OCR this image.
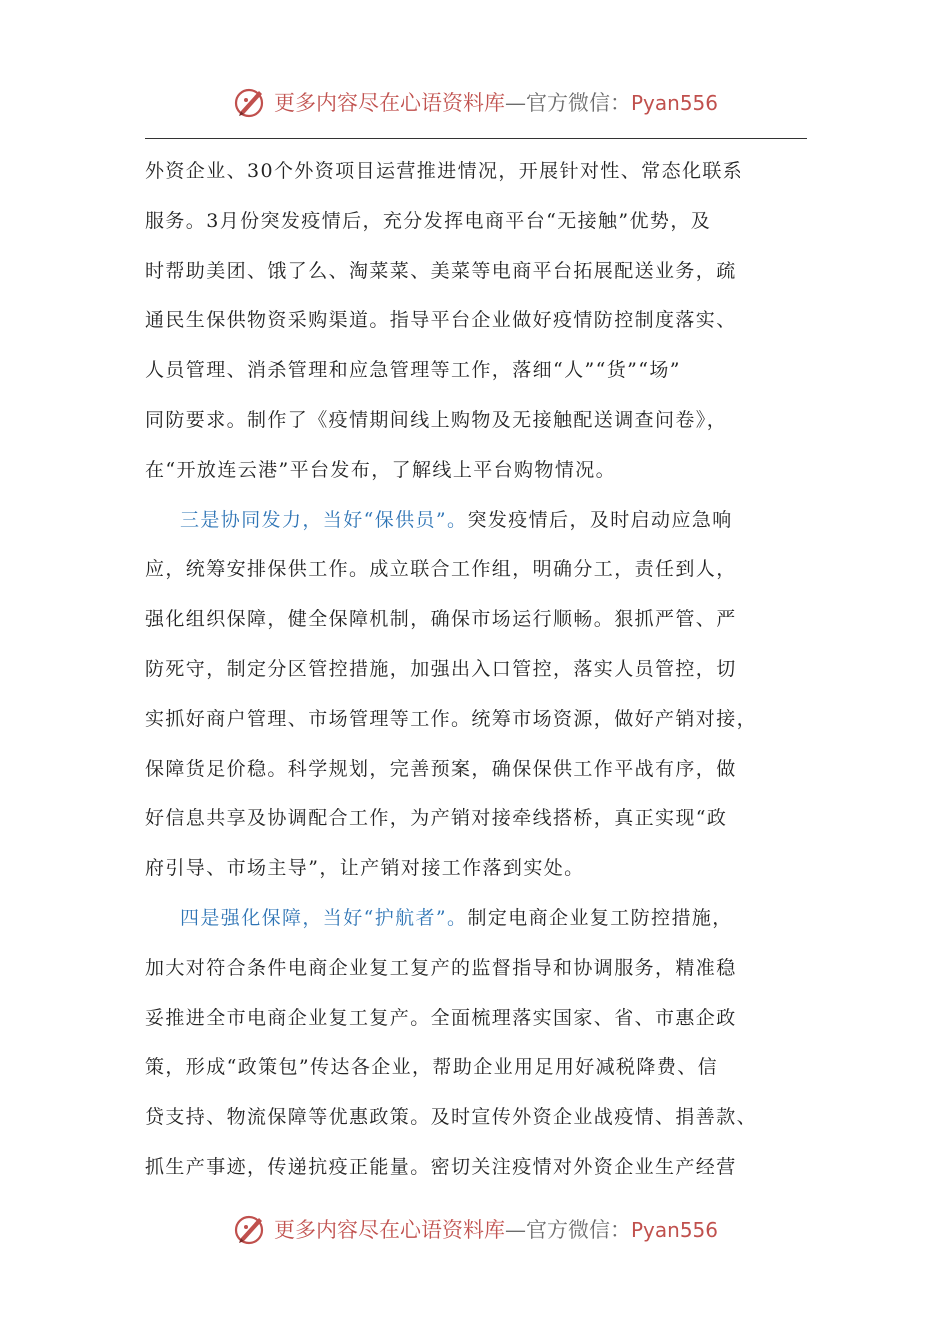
更多内容尽在心语资料库—官方微信：Pyan556
外资企业、30个外资项目运营推进情况，开展针对性、常态化联系
服务。3月份突发疫情后，充分发挥电商平台“无接触”优势，及
时帮助美团、饿了么、淘菜菜、美菜等电商平台拓展配送业务，疏
通民生保供物资采购渠道。指导平台企业做好疫情防控制度落实、
人员管理、消杀管理和应急管理等工作，落细“人”“货”“场”
同防要求。制作了《疫情期间线上购物及无接触配送调查问卷》，
在“开放连云港”平台发布，了解线上平台购物情况。
三是协同发力，当好“保供员”。突发疫情后，及时启动应急响
应，统筹安排保供工作。成立联合工作组，明确分工，责任到人，
强化组织保障，健全保障机制，确保市场运行顺畅。狠抓严管、严
防死守，制定分区管控措施，加强出入口管控，落实人员管控，切
实抓好商户管理、市场管理等工作。统筹市场资源，做好产销对接，
保障货足价稳。科学规划，完善预案，确保保供工作平战有序，做
好信息共享及协调配合工作，为产销对接牵线搭桥，真正实现“政
府引导、市场主导”，让产销对接工作落到实处。
四是强化保障，当好“护航者”。制定电商企业复工防控措施，
加大对符合条件电商企业复工复产的监督指导和协调服务，精准稳
妥推进全市电商企业复工复产。全面梳理落实国家、省、市惠企政
策，形成“政策包”传达各企业，帮助企业用足用好减税降费、信
贷支持、物流保障等优惠政策。及时宣传外资企业战疫情、捐善款、
抓生产事迹，传递抗疫正能量。密切关注疫情对外资企业生产经营
更多内容尽在心语资料库—官方微信：Pyan556
